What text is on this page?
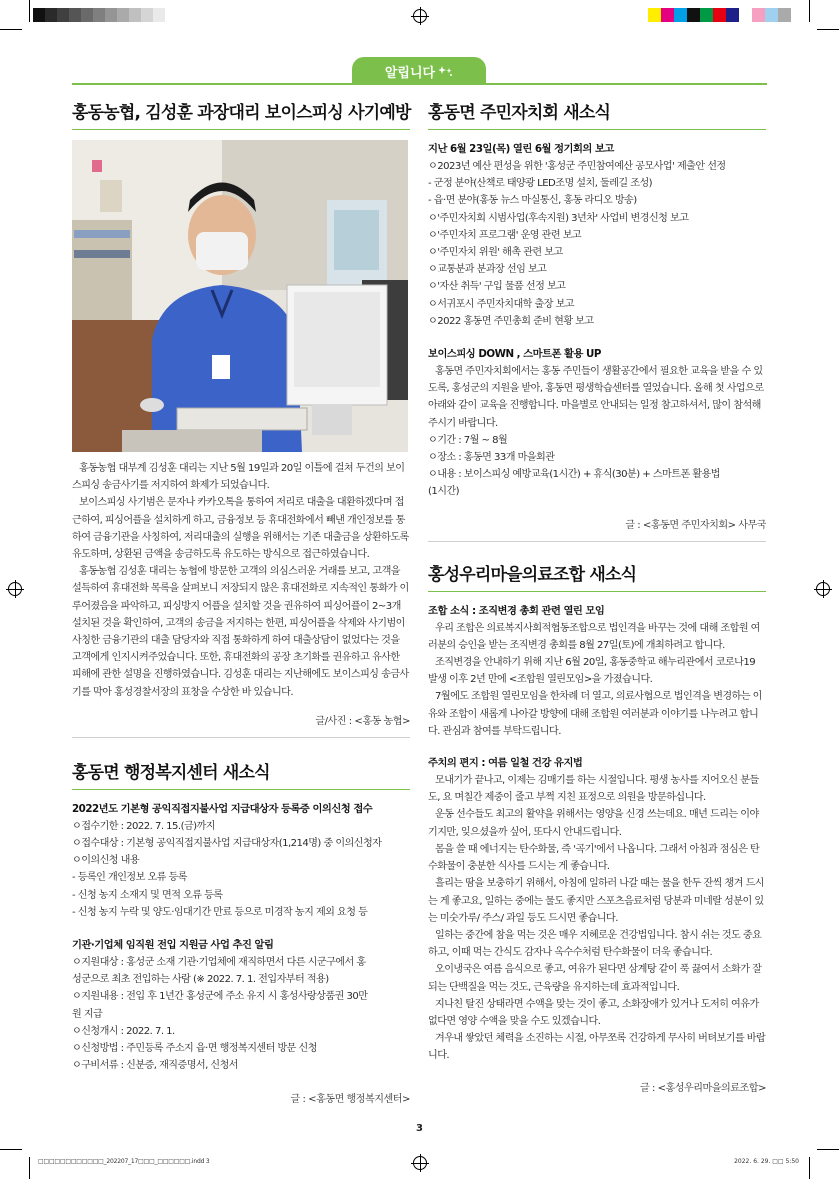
알립니다
홍동농협, 김성훈 과장대리 보이스피싱 사기예방

홍동농협 대부계 김성훈 대리는 지난 5월 19일과 20일 이틀에 걸쳐 두건의 보이스피싱 송금사기를 저지하여 화제가 되었습니다.

보이스피싱 사기범은 문자나 카카오톡을 통하여 저리로 대출을 대환하겠다며 접근하여, 피싱어플을 설치하게 하고, 금융정보 등 휴대전화에서 빼낸 개인정보를 통하여 금융기관을 사칭하여, 저리대출의 실행을 위해서는 기존 대출금을 상환하도록 유도하며, 상환된 금액을 송금하도록 유도하는 방식으로 접근하였습니다.

홍동농협 김성훈 대리는 농협에 방문한 고객의 의심스러운 거래를 보고, 고객을 설득하여 휴대전화 목록을 살펴보니 저장되지 않은 휴대전화로 지속적인 통화가 이루어졌음을 파악하고, 피싱방지 어플을 설치할 것을 권유하여 피싱어플이 2~3개 설치된 것을 확인하여, 고객의 송금을 저지하는 한편, 피싱어플을 삭제와 사기범이 사칭한 금융기관의 대출 담당자와 직접 통화하게 하여 대출상담이 없었다는 것을 고객에게 인지시켜주었습니다. 또한, 휴대전화의 공장 초기화를 권유하고 유사한 피해에 관한 설명을 진행하였습니다. 김성훈 대리는 지난해에도 보이스피싱 송금사기를 막아 홍성경찰서장의 표창을 수상한 바 있습니다.

글/사진 : <홍동 농협>
홍동면 행정복지센터 새소식
2022년도 기본형 공익직접지불사업 지급대상자 등록증 이의신청 접수
ㅇ접수기한 : 2022. 7. 15.(금)까지
ㅇ접수대상 : 기본형 공익직접지불사업 지급대상자(1,214명) 중 이의신청자
ㅇ이의신청 내용
- 등록인 개인정보 오류 등록
- 신청 농지 소재지 및 면적 오류 등록
- 신청 농지 누락 및 양도·임대기간 만료 등으로 미경작 농지 제외 요청 등
기관·기업체 임직원 전입 지원금 사업 추진 알림
ㅇ지원대상 : 홍성군 소재 기관·기업체에 재직하면서 다른 시군구에서 홍
성군으로 최초 전입하는 사람 (※ 2022. 7. 1. 전입자부터 적용)
ㅇ지원내용 : 전입 후 1년간 홍성군에 주소 유지 시 홍성사랑상품권 30만
원 지급
ㅇ신청개시 : 2022. 7. 1.
ㅇ신청방법 : 주민등록 주소지 읍·면 행정복지센터 방문 신청
ㅇ구비서류 : 신분증, 재직증명서, 신청서
글 : <홍동면 행정복지센터>
홍동면 주민자치회 새소식
지난 6월 23일(목) 열린 6월 정기회의 보고
ㅇ2023년 예산 편성을 위한 '홍성군 주민참여예산 공모사업' 제출안 선정
- 군정 분야(산책로 태양광 LED조명 설치, 둘레길 조성)
- 읍·면 분야(홍동 뉴스 마실통신, 홍동 라디오 방송)
ㅇ'주민자치회 시범사업(후속지원) 3년차' 사업비 변경신청 보고
ㅇ'주민자치 프로그램' 운영 관련 보고
ㅇ'주민자치 위원' 해촉 관련 보고
ㅇ교통분과 분과장 선임 보고
ㅇ'자산 취득' 구입 물품 선정 보고
ㅇ서귀포시 주민자치대학 출장 보고
ㅇ2022 홍동면 주민총회 준비 현황 보고
보이스피싱 DOWN , 스마트폰 활용 UP

홍동면 주민자치회에서는 홍동 주민들이 생활공간에서 필요한 교육을 받을 수 있도록, 홍성군의 지원을 받아, 홍동면 평생학습센터를 열었습니다. 올해 첫 사업으로 아래와 같이 교육을 진행합니다. 마을별로 안내되는 일정 참고하셔서, 많이 참석해 주시기 바랍니다.

ㅇ기간 : 7월 ~ 8월
ㅇ장소 : 홍동면 33개 마을회관
ㅇ내용 : 보이스피싱 예방교육(1시간) + 휴식(30분) + 스마트폰 활용법
(1시간)
글 : <홍동면 주민자치회> 사무국
홍성우리마을의료조합 새소식
조합 소식 : 조직변경 총회 관련 열린 모임

우리 조합은 의료복지사회적협동조합으로 법인격을 바꾸는 것에 대해 조합원 여러분의 승인을 받는 조직변경 총회를 8월 27일(토)에 개최하려고 합니다.

조직변경을 안내하기 위해 지난 6월 20일, 홍동중학교 해누리관에서 코로나19 발생 이후 2년 만에 <조합원 열린모임>을 가졌습니다.

7월에도 조합원 열린모임을 한차례 더 열고, 의료사협으로 법인격을 변경하는 이유와 조합이 새롭게 나아갈 방향에 대해 조합원 여러분과 이야기를 나누려고 합니다. 관심과 참여를 부탁드립니다.

주치의 편지 : 여름 일철 건강 유지법

모내기가 끝나고, 이제는 김매기를 하는 시절입니다. 평생 농사를 지어오신 분들도, 요 며칠간 제중이 줄고 부쩍 지친 표정으로 의원을 방문하십니다.

운동 선수들도 최고의 활약을 위해서는 영양을 신경 쓰는데요. 매년 드리는 이야기지만, 잊으셨을까 싶어, 또다시 안내드립니다.

몸을 쓸 때 에너지는 탄수화물, 즉 '곡기'에서 나옵니다. 그래서 아침과 점심은 탄수화물이 충분한 식사를 드시는 게 좋습니다.

흘리는 땀을 보충하기 위해서, 아침에 일하러 나갈 때는 물을 한두 잔씩 챙겨 드시는 게 좋고요, 일하는 중에는 물도 좋지만 스포츠음료처럼 당분과 미네랄 성분이 있는 미숫가루/ 주스/ 과일 등도 드시면 좋습니다.

일하는 중간에 참을 먹는 것은 매우 지혜로운 건강법입니다. 참시 쉬는 것도 중요하고, 이때 먹는 간식도 감자나 옥수수처럼 탄수화물이 더욱 좋습니다.

오이냉국은 여름 음식으로 좋고, 여유가 된다면 삼계탕 같이 푹 끓여서 소화가 잘 되는 단백질을 먹는 것도, 근육량을 유지하는데 효과적입니다.

지나친 탈진 상태라면 수액을 맞는 것이 좋고, 소화장애가 있거나 도저히 여유가 없다면 영양 수액을 맞을 수도 있겠습니다.

겨우내 쌓았던 체력을 소진하는 시절, 아무쪼록 건강하게 무사히 버텨보기를 바랍니다.

글 : <홍성우리마을의료조합>
3
□□□□□□□□□□□□_202207_17□□□_□□□□□□.indd 3	2022. 6. 29. □□ 5:50
